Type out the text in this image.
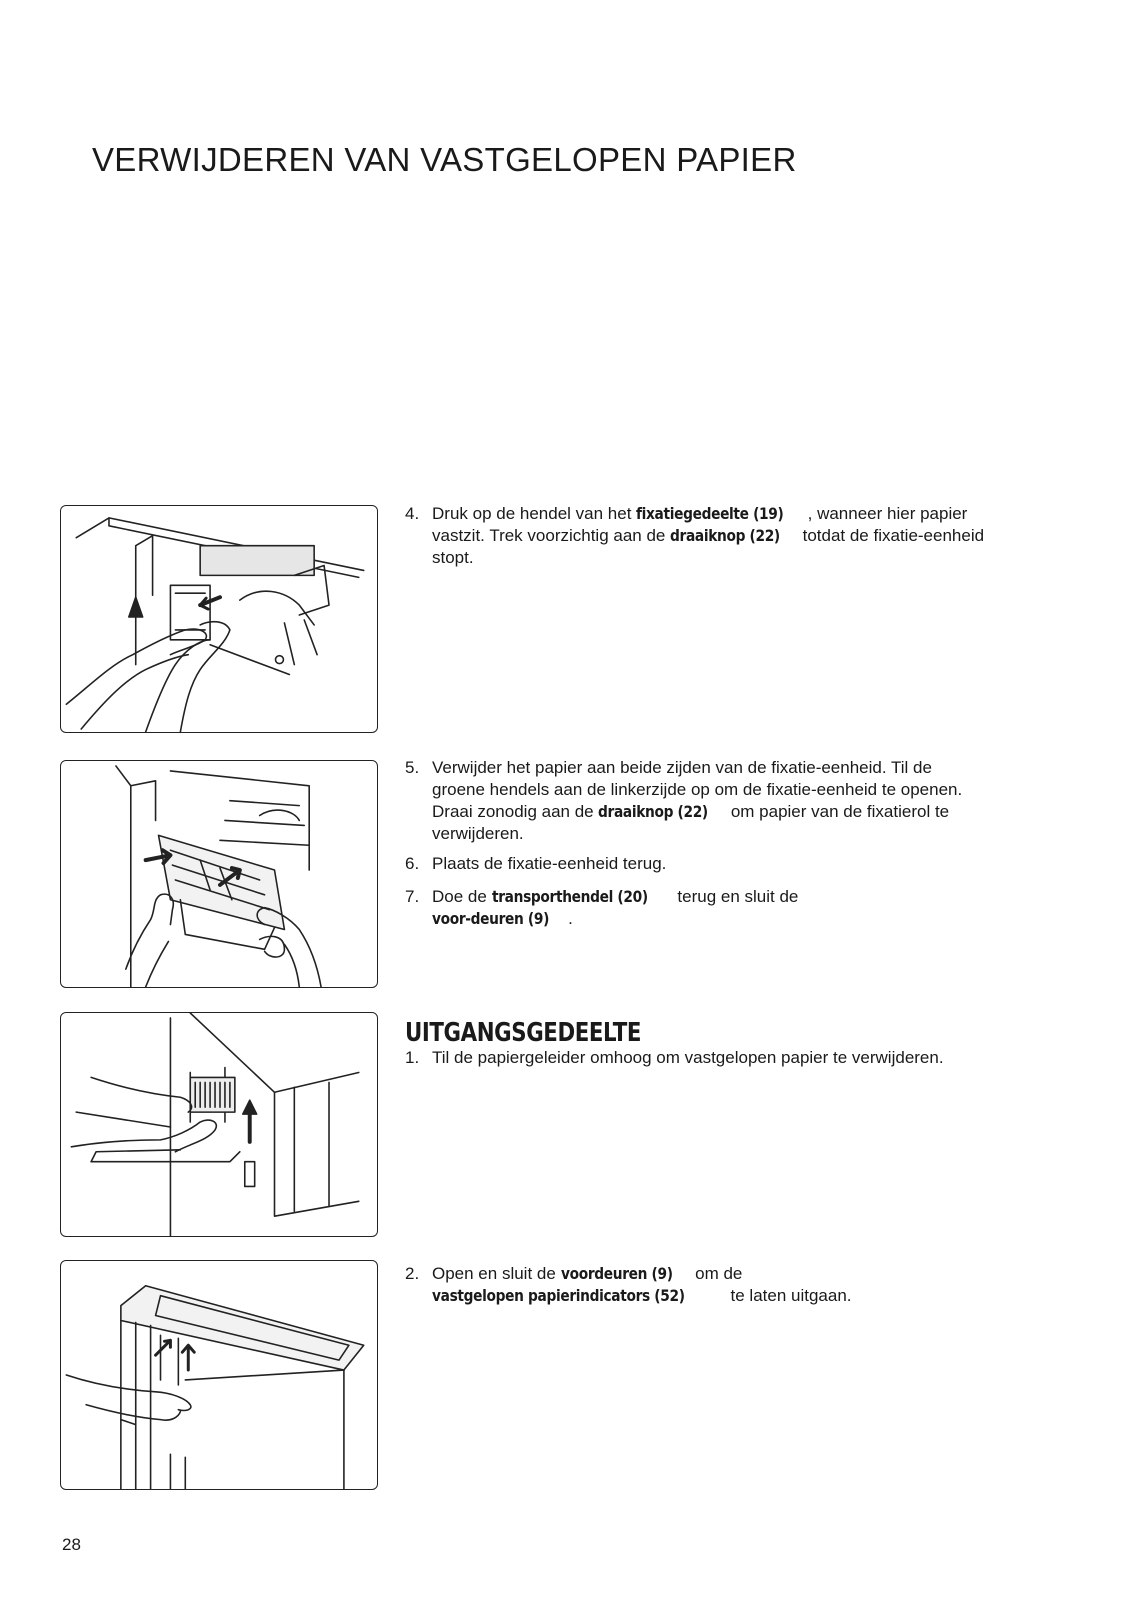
VERWIJDEREN VAN VASTGELOPEN PAPIER
4. Druk op de hendel van het fixatiegedeelte (19) , wanneer hier papier vastzit. Trek voorzichtig aan de draaiknop (22) totdat de fixatie-eenheid stopt.
5. Verwijder het papier aan beide zijden van de fixatie-eenheid. Til de groene hendels aan de linkerzijde op om de fixatie-eenheid te openen. Draai zonodig aan de draaiknop (22) om papier van de fixatierol te verwijderen.
6. Plaats de fixatie-eenheid terug.
7. Doe de transporthendel (20) terug en sluit de voor-deuren (9) .
UITGANGSGEDEELTE
1. Til de papiergeleider omhoog om vastgelopen papier te verwijderen.
2. Open en sluit de voordeuren (9) om de vastgelopen papierindicators (52) te laten uitgaan.
28
